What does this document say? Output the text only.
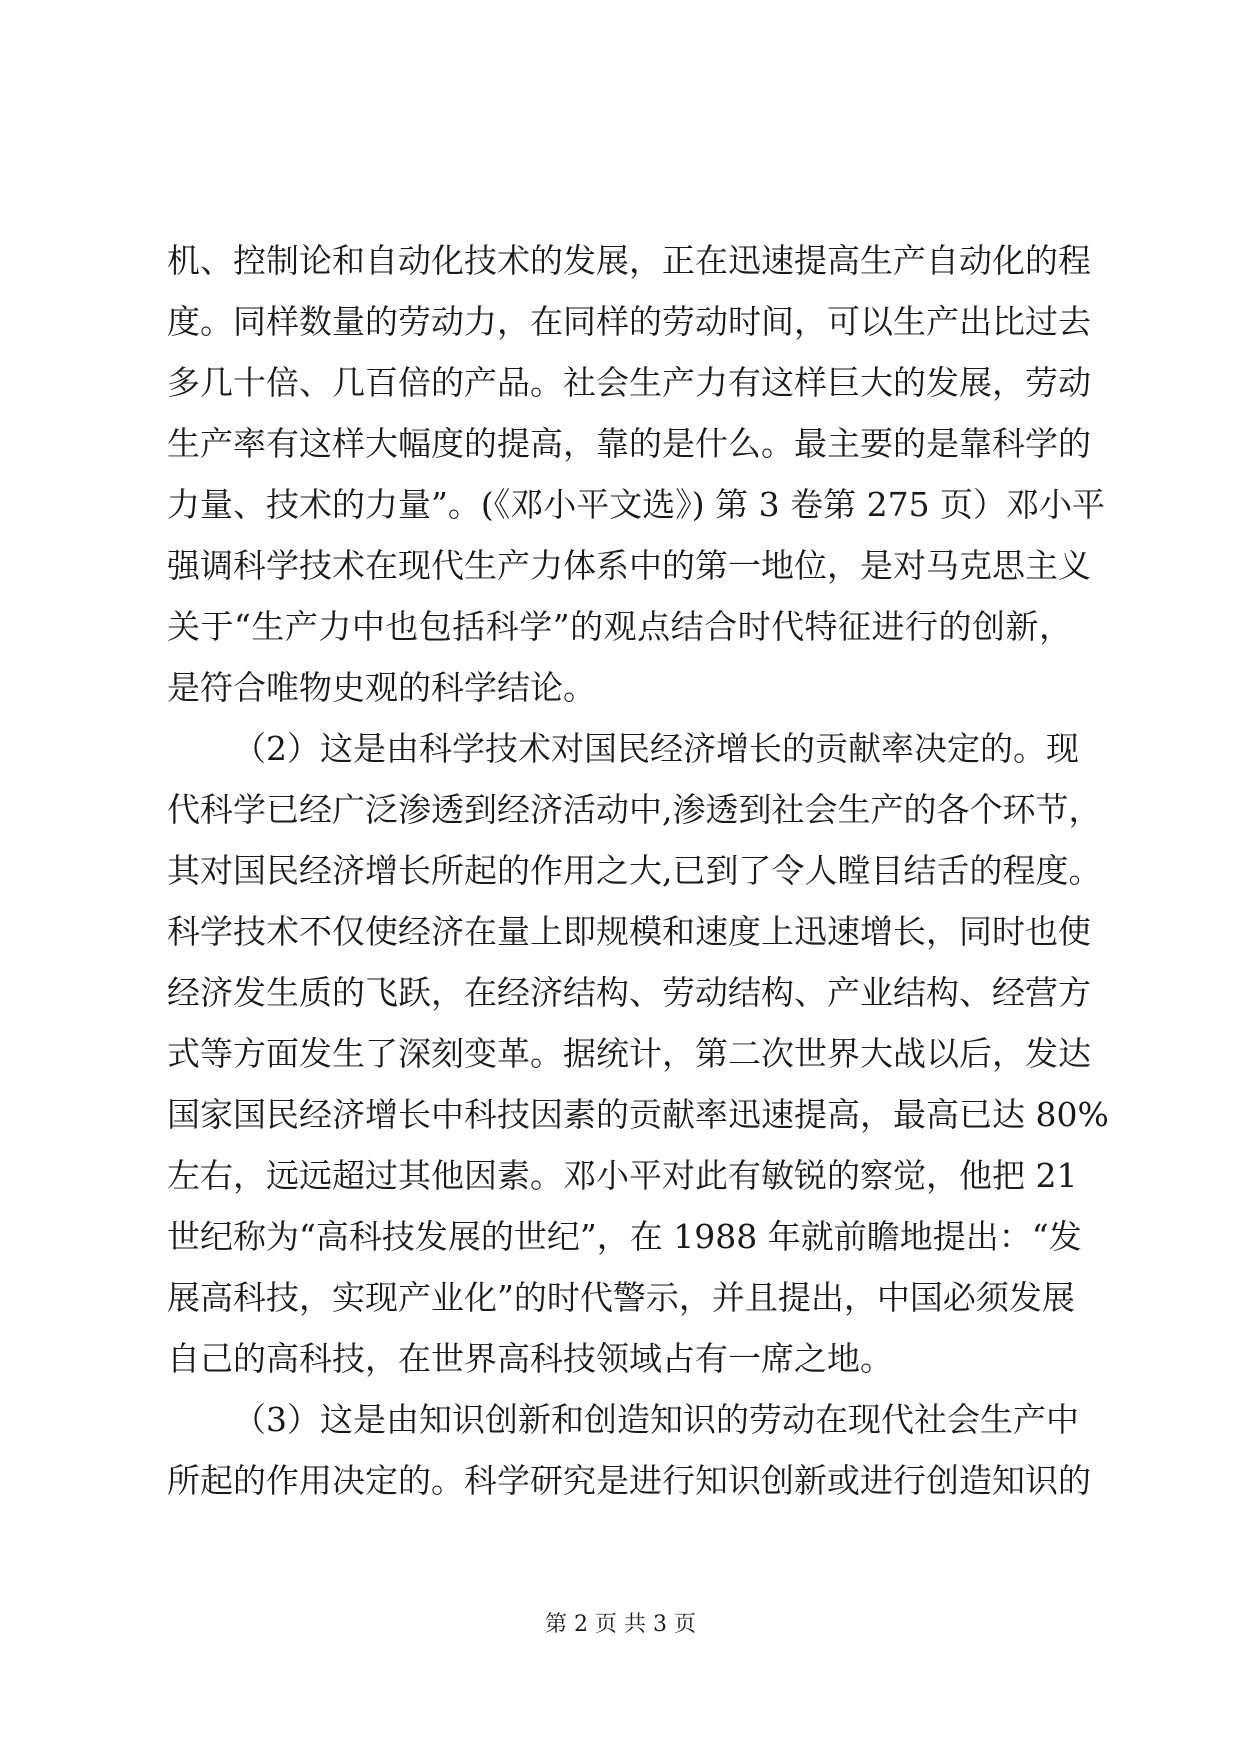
机、控制论和自动化技术的发展，正在迅速提高生产自动化的程
度。同样数量的劳动力，在同样的劳动时间，可以生产出比过去
多几十倍、几百倍的产品。社会生产力有这样巨大的发展，劳动
生产率有这样大幅度的提高，靠的是什么。最主要的是靠科学的
力量、技术的力量”。(《邓小平文选》) 第 3 卷第 275 页）邓小平
强调科学技术在现代生产力体系中的第一地位，是对马克思主义
关于“生产力中也包括科学”的观点结合时代特征进行的创新，
是符合唯物史观的科学结论。
（2）这是由科学技术对国民经济增长的贡献率决定的。现
代科学已经广泛渗透到经济活动中,渗透到社会生产的各个环节，
其对国民经济增长所起的作用之大,已到了令人瞠目结舌的程度。
科学技术不仅使经济在量上即规模和速度上迅速增长，同时也使
经济发生质的飞跃，在经济结构、劳动结构、产业结构、经营方
式等方面发生了深刻变革。据统计，第二次世界大战以后，发达
国家国民经济增长中科技因素的贡献率迅速提高，最高已达 80%
左右，远远超过其他因素。邓小平对此有敏锐的察觉，他把 21
世纪称为“高科技发展的世纪”，在 1988 年就前瞻地提出：“发
展高科技，实现产业化”的时代警示，并且提出，中国必须发展
自己的高科技，在世界高科技领域占有一席之地。
（3）这是由知识创新和创造知识的劳动在现代社会生产中
所起的作用决定的。科学研究是进行知识创新或进行创造知识的
第 2 页 共 3 页
